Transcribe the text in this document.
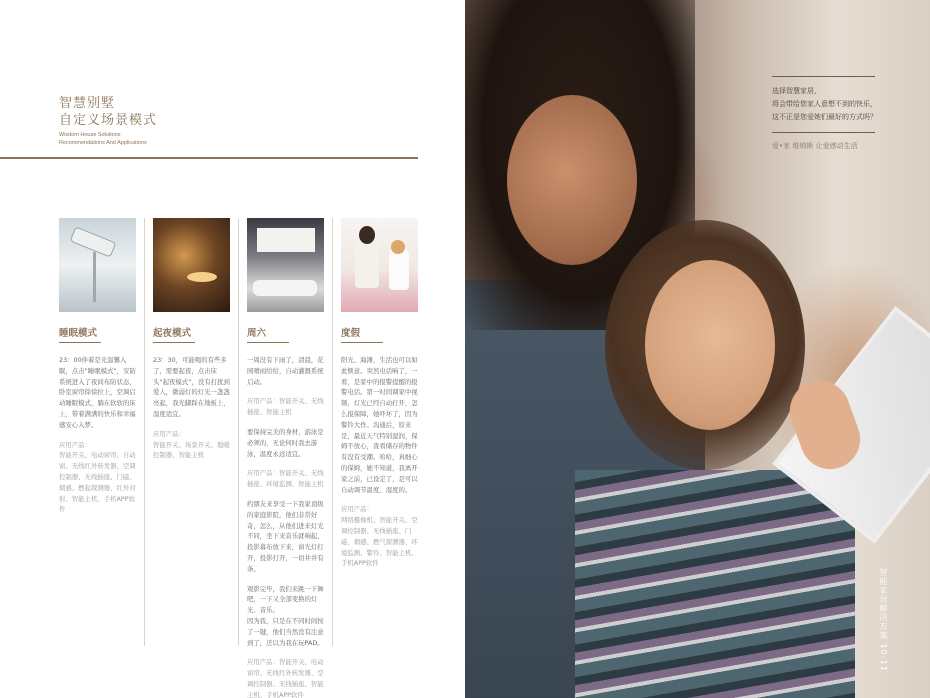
智慧别墅
自定义场景模式
Wisdom House Solutions
Recommendations And Applications
睡眠模式

23：00伴着是光温馨入眠，点击“睡眠模式”，安防系统进入了夜间布防状态，卧室窗帘徐徐拉上，空调启动睡眠模式，躺在软软的床上，带着满满的快乐和幸福感安心入梦。

应用产品：

智能开关、电动窗帘、自动窗、无线红外转发器、空调控制器、无线插座、门磁、烟感、燃起探测器、红外对射、智能主机、手机APP软件

起夜模式

23：30，可能喝的有些多了，需要起夜，点击床头“起夜模式”，没有打扰到爱人，微弱灯的灯光一盏盏亮起，我光脚踩在地板上，温度适宜。

应用产品：

智能开关、场景开关、地暖控制器、智能主机

周六

一周没有下雨了，清晨，花园喷雨给给，自动灌溉系统启动。

应用产品：智能开关、无线插座、智能主机

要保持完美的身材，游泳是必须的，无论何时我去游泳，温度永远适宜。

应用产品：智能开关、无线插座、环境监测、智能主机

约朋友来享受一下我家顶级的家庭影院，他们非常好奇，怎么，从他们进来灯光不同，坐下来音乐就响起，投影幕布放下来，窗光灯打开，投影打开，一切井井有条。

观影完毕，我们来跳一下舞吧，一下又全部变换的灯光、音乐。

因为我，只是在不同时间按了一键，他们当然没有注意到了，还以为我在玩PAD。

应用产品：智能开关、电动窗帘、无线红外转发器、空调控制器、无线插座、智能主机、手机APP软件

度假

阳光、海滩，生活也可以如此惬意。突然电话响了，一看，是家中的报警提醒的报警电话。第一时间调家中视频，灯光已经自动打开，怎么报保障，她吓坏了，因为警铃大作。沟通后，原来是，最近天气特别湿润，保姆不放心，查看储存的物件有没有受潮。哈哈，真细心的保姆，她不知道，我离开家之前，已设定了，是可以自动调节温度、湿度的。

应用产品：

网络摄像机、智能开关、空调控制器、无线插座、门磁、烟感、燃气探测器、环境监测、警铃、智能主机、手机APP软件

选择智慧家居，
将会带给您家人意想不到的快乐，
这不正是您爱她们最好的方式吗？
爱•家 维纳斯 让爱感动生活
智能家居解决方案 10-11
